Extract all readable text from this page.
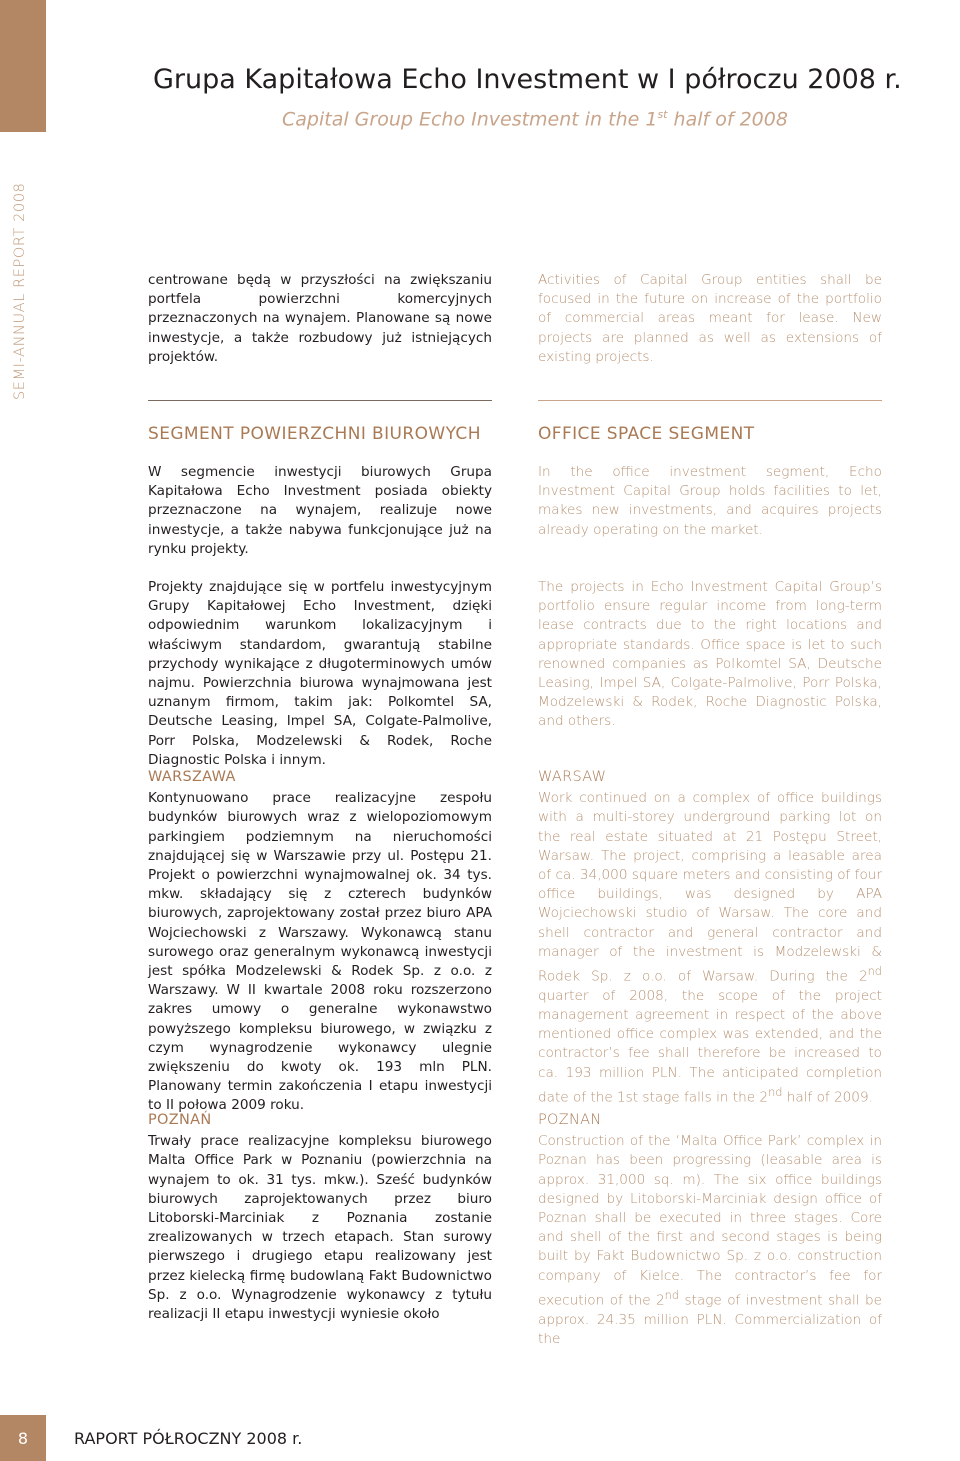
SEMI-ANNUAL REPORT 2008
Grupa Kapitałowa Echo Investment w I półroczu 2008 r.
Capital Group Echo Investment in the 1st half of 2008

centrowane będą w przyszłości na zwiększaniu portfela powierzchni komercyjnych przeznaczonych na wynajem. Planowane są nowe inwestycje, a także rozbudowy już istniejących projektów.

Activities of Capital Group entities shall be focused in the future on increase of the portfolio of commercial areas meant for lease. New projects are planned as well as extensions of existing projects.

SEGMENT POWIERZCHNI BIUROWYCH	OFFICE SPACE SEGMENT

W segmencie inwestycji biurowych Grupa Kapitałowa Echo Investment posiada obiekty przeznaczone na wynajem, realizuje nowe inwestycje, a także nabywa funkcjonujące już na rynku projekty.

In the office investment segment, Echo Investment Capital Group holds facilities to let, makes new investments, and acquires projects already operating on the market.

Projekty znajdujące się w portfelu inwestycyjnym Grupy Kapitałowej Echo Investment, dzięki odpowiednim warunkom lokalizacyjnym i właściwym standardom, gwarantują stabilne przychody wynikające z długoterminowych umów najmu. Powierzchnia biurowa wynajmowana jest uznanym firmom, takim jak: Polkomtel SA, Deutsche Leasing, Impel SA, Colgate-Palmolive, Porr Polska, Modzelewski & Rodek, Roche Diagnostic Polska i innym.

The projects in Echo Investment Capital Group’s portfolio ensure regular income from long-term lease contracts due to the right locations and appropriate standards. Office space is let to such renowned companies as Polkomtel SA, Deutsche Leasing, Impel SA, Colgate-Palmolive, Porr Polska, Modzelewski & Rodek, Roche Diagnostic Polska, and others.

WARSZAWA

Kontynuowano prace realizacyjne zespołu budynków biurowych wraz z wielopoziomowym parkingiem podziemnym na nieruchomości znajdującej się w Warszawie przy ul. Postępu 21. Projekt o powierzchni wynajmowalnej ok. 34 tys. mkw. składający się z czterech budynków biurowych, zaprojektowany został przez biuro APA Wojciechowski z Warszawy. Wykonawcą stanu surowego oraz generalnym wykonawcą inwestycji jest spółka Modzelewski & Rodek Sp. z o.o. z Warszawy. W II kwartale 2008 roku rozszerzono zakres umowy o generalne wykonawstwo powyższego kompleksu biurowego, w związku z czym wynagrodzenie wykonawcy ulegnie zwiększeniu do kwoty ok. 193 mln PLN. Planowany termin zakończenia I etapu inwestycji to II połowa 2009 roku.

WARSAW

Work continued on a complex of office buildings with a multi-storey underground parking lot on the real estate situated at 21 Postępu Street, Warsaw. The project, comprising a leasable area of ca. 34,000 square meters and consisting of four office buildings, was designed by APA Wojciechowski studio of Warsaw. The core and shell contractor and general contractor and manager of the investment is Modzelewski & Rodek Sp. z o.o. of Warsaw. During the 2nd quarter of 2008, the scope of the project management agreement in respect of the above mentioned office complex was extended, and the contractor’s fee shall therefore be increased to ca. 193 million PLN. The anticipated completion date of the 1st stage falls in the 2nd half of 2009.

POZNAŃ

Trwały prace realizacyjne kompleksu biurowego Malta Office Park w Poznaniu (powierzchnia na wynajem to ok. 31 tys. mkw.). Sześć budynków biurowych zaprojektowanych przez biuro Litoborski-Marciniak z Poznania zostanie zrealizowanych w trzech etapach. Stan surowy pierwszego i drugiego etapu realizowany jest przez kielecką firmę budowlaną Fakt Budownictwo Sp. z o.o. Wynagrodzenie wykonawcy z tytułu realizacji II etapu inwestycji wyniesie około

POZNAN

Construction of the ‘Malta Office Park’ complex in Poznan has been progressing (leasable area is approx. 31,000 sq. m). The six office buildings designed by Litoborski-Marciniak design office of Poznan shall be executed in three stages. Core and shell of the first and second stages is being built by Fakt Budownictwo Sp. z o.o. construction company of Kielce. The contractor’s fee for execution of the 2nd stage of investment shall be approx. 24.35 million PLN. Commercialization of the

8	RAPORT PÓŁROCZNY 2008 r.
